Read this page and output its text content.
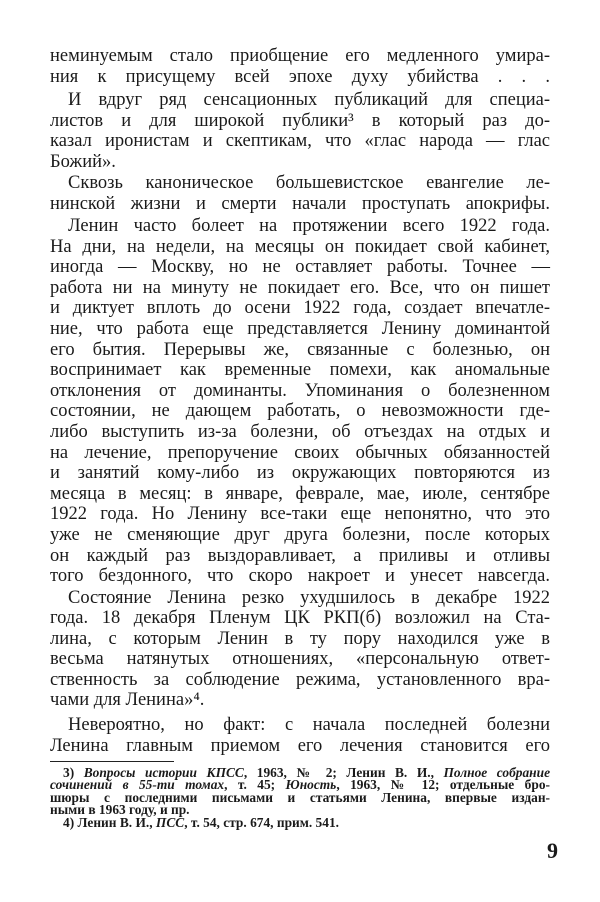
неминуемым стало приобщение его медленного умира-
ния к присущему всей эпохе духу убийства . . .
И вдруг ряд сенсационных публикаций для специа-
листов и для широкой публики³ в который раз до-
казал иронистам и скептикам, что «глас народа — глас
Божий».
Сквозь каноническое большевистское евангелие ле-
нинской жизни и смерти начали проступать апокрифы.
Ленин часто болеет на протяжении всего 1922 года.
На дни, на недели, на месяцы он покидает свой кабинет,
иногда — Москву, но не оставляет работы. Точнее —
работа ни на минуту не покидает его. Все, что он пишет
и диктует вплоть до осени 1922 года, создает впечатле-
ние, что работа еще представляется Ленину доминантой
его бытия. Перерывы же, связанные с болезнью, он
воспринимает как временные помехи, как аномальные
отклонения от доминанты. Упоминания о болезненном
состоянии, не дающем работать, о невозможности где-
либо выступить из-за болезни, об отъездах на отдых и
на лечение, препоручение своих обычных обязанностей
и занятий кому-либо из окружающих повторяются из
месяца в месяц: в январе, феврале, мае, июле, сентябре
1922 года. Но Ленину все-таки еще непонятно, что это
уже не сменяющие друг друга болезни, после которых
он каждый раз выздоравливает, а приливы и отливы
того бездонного, что скоро накроет и унесет навсегда.
Состояние Ленина резко ухудшилось в декабре 1922
года. 18 декабря Пленум ЦК РКП(б) возложил на Ста-
лина, с которым Ленин в ту пору находился уже в
весьма натянутых отношениях, «персональную ответ-
ственность за соблюдение режима, установленного вра-
чами для Ленина»⁴.
Невероятно, но факт: с начала последней болезни
Ленина главным приемом его лечения становится его
3) Вопросы истории КПСС, 1963, № 2; Ленин В. И., Полное собрание
сочинений в 55-ти томах, т. 45; Юность, 1963, № 12; отдельные бро-
шюры с последними письмами и статьями Ленина, впервые издан-
ными в 1963 году, и пр.
4) Ленин В. И., ПСС, т. 54, стр. 674, прим. 541.
9
